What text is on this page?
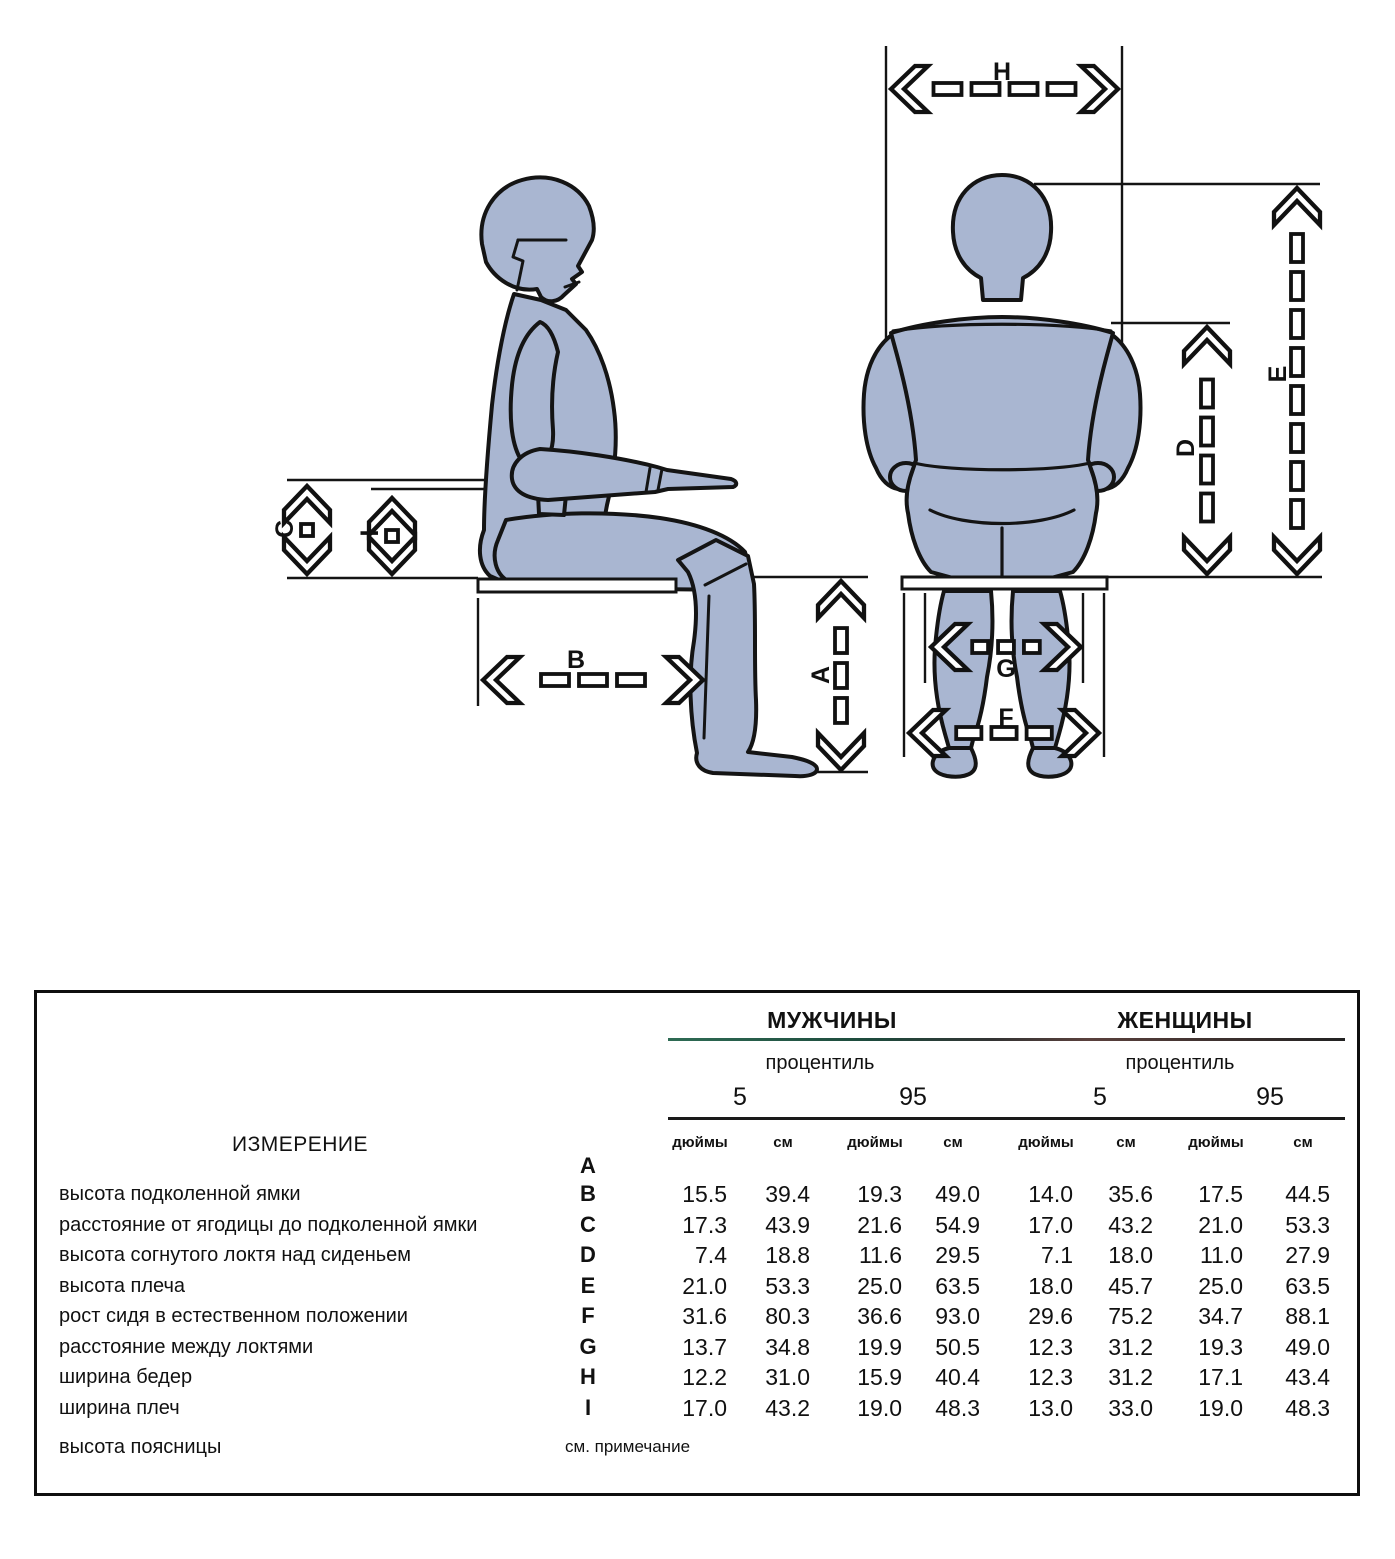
C I
B
A
H
D
E
G
F
МУЖЧИНЫ	ЖЕНЩИНЫ
процентиль	процентиль
5	95	5	95
ИЗМЕРЕНИЕ	дюймы	см	дюймы	см	дюймы	см	дюймы	см
A
высота подколенной ямки	B	15.5	39.4	19.3	49.0	14.0	35.6	17.5	44.5
расстояние от ягодицы до подколенной ямки	C	17.3	43.9	21.6	54.9	17.0	43.2	21.0	53.3
высота согнутого локтя над сиденьем	D	7.4	18.8	11.6	29.5	7.1	18.0	11.0	27.9
высота плеча	E	21.0	53.3	25.0	63.5	18.0	45.7	25.0	63.5
рост сидя в естественном положении	F	31.6	80.3	36.6	93.0	29.6	75.2	34.7	88.1
расстояние между локтями	G	13.7	34.8	19.9	50.5	12.3	31.2	19.3	49.0
ширина бедер	H	12.2	31.0	15.9	40.4	12.3	31.2	17.1	43.4
ширина плеч	I	17.0	43.2	19.0	48.3	13.0	33.0	19.0	48.3
высота поясницы	см. примечание
